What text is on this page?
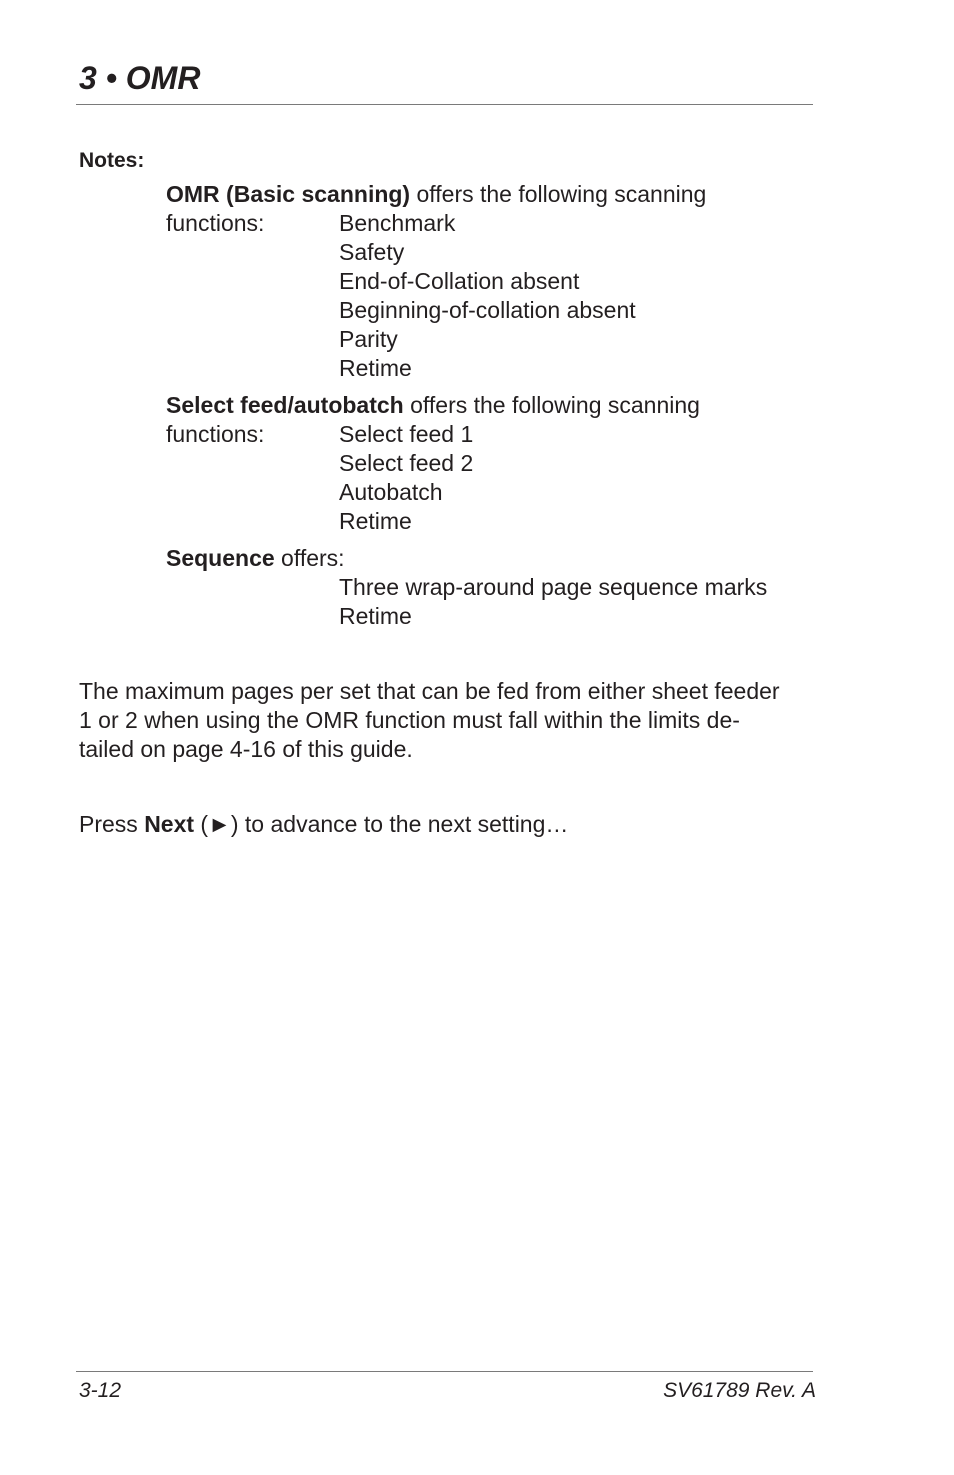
3 • OMR
Notes:
OMR (Basic scanning) offers the following scanning
functions:	Benchmark
Safety
End-of-Collation absent
Beginning-of-collation absent
Parity
Retime
Select feed/autobatch offers the following scanning
functions:	Select feed 1
Select feed 2
Autobatch
Retime
Sequence offers:
Three wrap-around page sequence marks
Retime
The maximum pages per set that can be fed from either sheet feeder
1 or 2 when using the OMR function must fall within the limits de-
tailed on page 4-16 of this guide.
Press Next (►) to advance to the next setting…
3-12	SV61789 Rev. A
